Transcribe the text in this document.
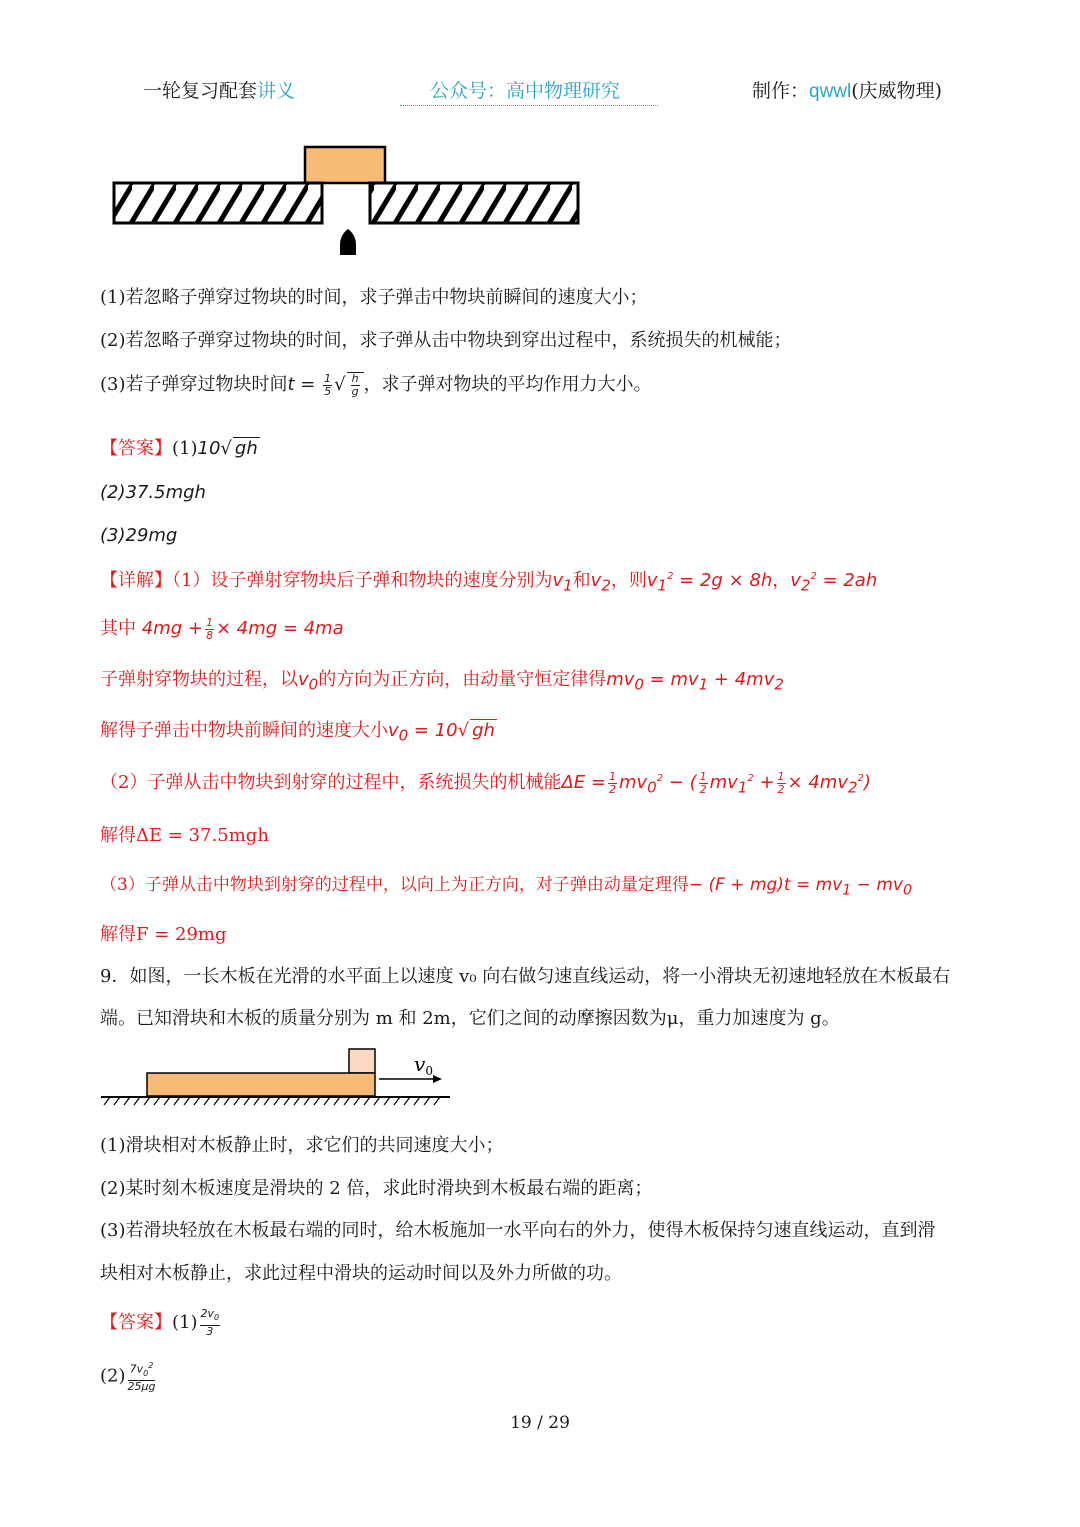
一轮复习配套讲义	公众号：高中物理研究	制作：qwwl(庆威物理)
(1)若忽略子弹穿过物块的时间，求子弹击中物块前瞬间的速度大小；
(2)若忽略子弹穿过物块的时间，求子弹从击中物块到穿出过程中，系统损失的机械能；
(3)若子弹穿过物块时间$t = \frac{1}{5}$ √ $\frac{h}{g}$ ，求子弹对物块的平均作用力大小。
【答案】(1)10√ gh
(2)37.5mgh
(3)29mg
【详解】（1）设子弹射穿物块后子弹和物块的速度分别为$v_1$和$v_2$，则$v_1^2 = 2g \times 8h$，$v_2^2 = 2ah$
其中 $4mg + \frac{1}{8} \times 4mg = 4ma$
子弹射穿物块的过程，以$v_0$的方向为正方向，由动量守恒定律得$mv_0 = mv_1 + 4mv_2$
解得子弹击中物块前瞬间的速度大小$v_0 = 10√$ gh
（2）子弹从击中物块到射穿的过程中，系统损失的机械能$\Delta E = \frac{1}{2} mv_0^2$ − ( $\frac{1}{2} mv_1^2 + \frac{1}{2} \times 4mv_2^2$)
解得ΔE = 37.5mgh
（3）子弹从击中物块到射穿的过程中，以向上为正方向，对子弹由动量定理得− $(F + mg)t = mv_1 - mv_0$
解得F = 29mg
9．如图，一长木板在光滑的水平面上以速度 v₀ 向右做匀速直线运动，将一小滑块无初速地轻放在木板最右
端。已知滑块和木板的质量分别为 m 和 2m，它们之间的动摩擦因数为μ，重力加速度为 g。
$v_0$
(1)滑块相对木板静止时，求它们的共同速度大小；
(2)某时刻木板速度是滑块的 2 倍，求此时滑块到木板最右端的距离；
(3)若滑块轻放在木板最右端的同时，给木板施加一水平向右的外力，使得木板保持匀速直线运动，直到滑
块相对木板静止，求此过程中滑块的运动时间以及外力所做的功。
【答案】$(1) \frac{2v_0}{3}$
$(2) \frac{7v_0^2}{25\mu g}$
19 / 29
